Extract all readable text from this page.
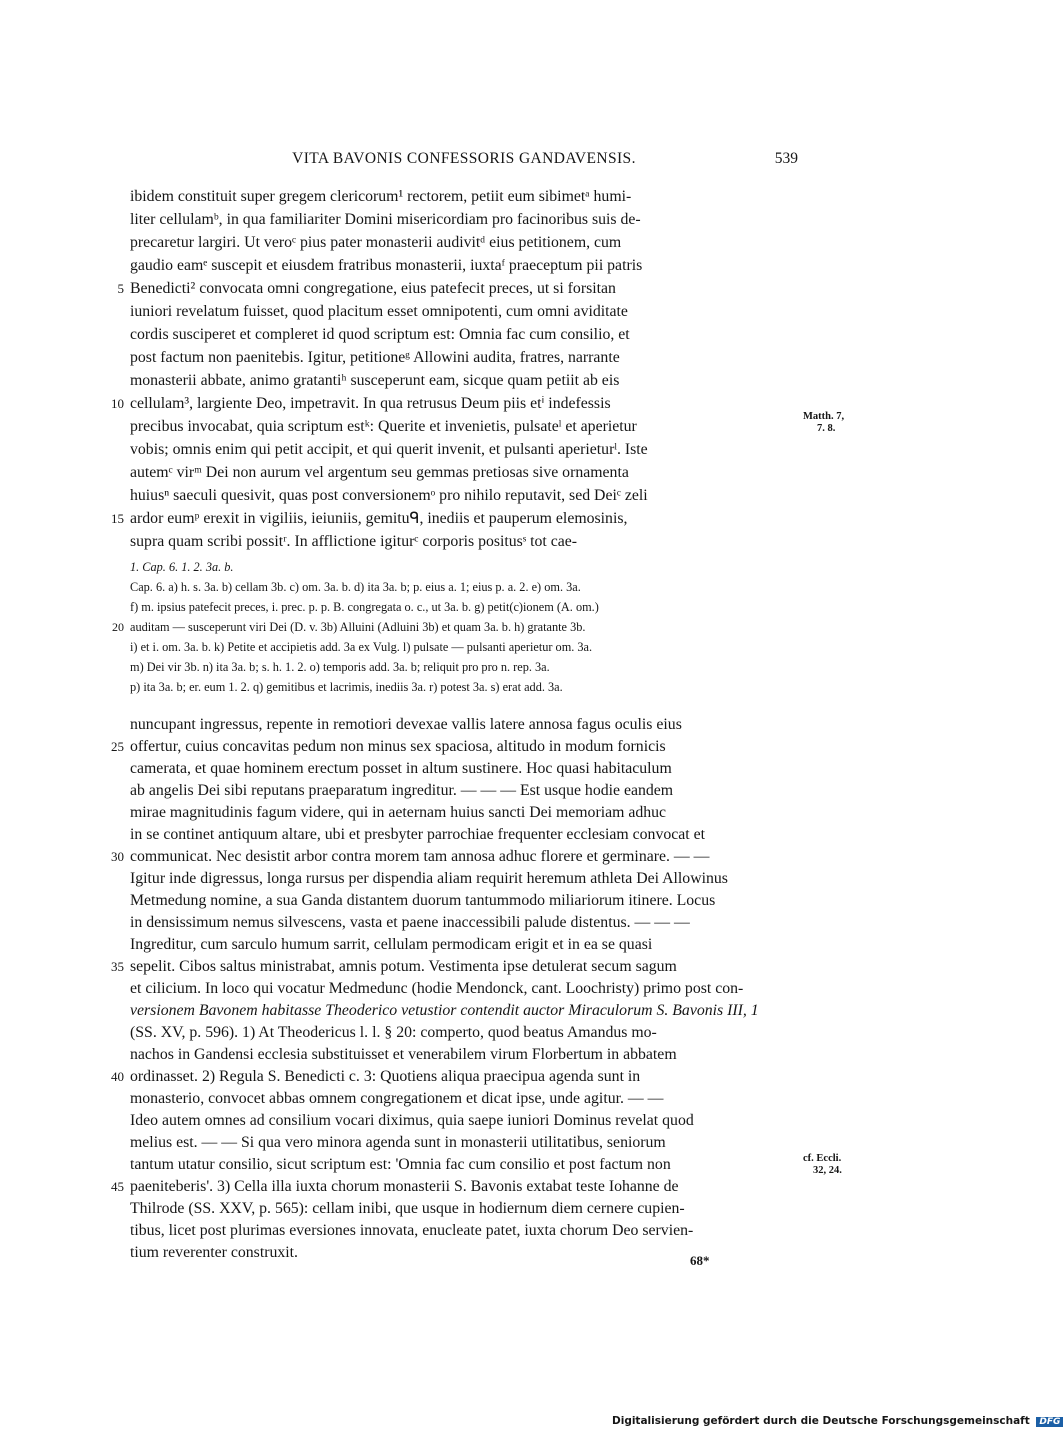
VITA BAVONIS CONFESSORIS GANDAVENSIS.	539
ibidem constituit super gregem clericorum¹ rectorem, petiit eum sibimetᵃ humi-
liter cellulamᵇ, in qua familiariter Domini misericordiam pro facinoribus suis de-
precaretur largiri. Ut veroᶜ pius pater monasterii audivitᵈ eius petitionem, cum
gaudio eamᵉ suscepit et eiusdem fratribus monasterii, iuxtaᶠ praeceptum pii patris
Benedicti² convocata omni congregatione, eius patefecit preces, ut si forsitan
iuniori revelatum fuisset, quod placitum esset omnipotenti, cum omni aviditate
cordis susciperet et compleret id quod scriptum est: Omnia fac cum consilio, et
post factum non paenitebis. Igitur, petitioneᵍ Allowini audita, fratres, narrante
monasterii abbate, animo gratantiʰ susceperunt eam, sicque quam petiit ab eis
cellulam³, largiente Deo, impetravit. In qua retrusus Deum piis etⁱ indefessis
precibus invocabat, quia scriptum estᵏ: Querite et invenietis, pulsateˡ et aperietur
vobis; omnis enim qui petit accipit, et qui querit invenit, et pulsanti aperieturˡ. Iste
autemᶜ virᵐ Dei non aurum vel argentum seu gemmas pretiosas sive ornamenta
huiusⁿ saeculi quesivit, quas post conversionemᵒ pro nihilo reputavit, sed Deiᶜ zeli
ardor eumᵖ erexit in vigiliis, ieiuniis, gemituᑫ, inediis et pauperum elemosinis,
supra quam scribi possitʳ. In afflictione igiturᶜ corporis positusˢ tot cae-
5
10
15
Matth. 7,
7. 8.
1. Cap. 6. 1. 2. 3a. b.
Cap. 6. a) h. s. 3a. b) cellam 3b. c) om. 3a. b. d) ita 3a. b; p. eius a. 1; eius p. a. 2. e) om. 3a.
f) m. ipsius patefecit preces, i. prec. p. p. B. congregata o. c., ut 3a. b. g) petit(c)ionem (A. om.)
auditam — susceperunt viri Dei (D. v. 3b) Alluini (Adluini 3b) et quam 3a. b. h) gratante 3b.
i) et i. om. 3a. b. k) Petite et accipietis add. 3a ex Vulg. l) pulsate — pulsanti aperietur om. 3a.
m) Dei vir 3b. n) ita 3a. b; s. h. 1. 2. o) temporis add. 3a. b; reliquit pro pro n. rep. 3a.
p) ita 3a. b; er. eum 1. 2. q) gemitibus et lacrimis, inediis 3a. r) potest 3a. s) erat add. 3a.
20
nuncupant ingressus, repente in remotiori devexae vallis latere annosa fagus oculis eius
offertur, cuius concavitas pedum non minus sex spaciosa, altitudo in modum fornicis
camerata, et quae hominem erectum posset in altum sustinere. Hoc quasi habitaculum
ab angelis Dei sibi reputans praeparatum ingreditur. — — — Est usque hodie eandem
mirae magnitudinis fagum videre, qui in aeternam huius sancti Dei memoriam adhuc
in se continet antiquum altare, ubi et presbyter parrochiae frequenter ecclesiam convocat et
communicat. Nec desistit arbor contra morem tam annosa adhuc florere et germinare. — —
Igitur inde digressus, longa rursus per dispendia aliam requirit heremum athleta Dei Allowinus
Metmedung nomine, a sua Ganda distantem duorum tantummodo miliariorum itinere. Locus
in densissimum nemus silvescens, vasta et paene inaccessibili palude distentus. — — —
Ingreditur, cum sarculo humum sarrit, cellulam permodicam erigit et in ea se quasi
sepelit. Cibos saltus ministrabat, amnis potum. Vestimenta ipse detulerat secum sagum
et cilicium. In loco qui vocatur Medmedunc (hodie Mendonck, cant. Loochristy) primo post con-
versionem Bavonem habitasse Theoderico vetustior contendit auctor Miraculorum S. Bavonis III, 1
(SS. XV, p. 596). 1) At Theodericus l. l. § 20: comperto, quod beatus Amandus mo-
nachos in Gandensi ecclesia substituisset et venerabilem virum Florbertum in abbatem
ordinasset. 2) Regula S. Benedicti c. 3: Quotiens aliqua praecipua agenda sunt in
monasterio, convocet abbas omnem congregationem et dicat ipse, unde agitur. — —
Ideo autem omnes ad consilium vocari diximus, quia saepe iuniori Dominus revelat quod
melius est. — — Si qua vero minora agenda sunt in monasterii utilitatibus, seniorum
tantum utatur consilio, sicut scriptum est: 'Omnia fac cum consilio et post factum non
paeniteberis'. 3) Cella illa iuxta chorum monasterii S. Bavonis extabat teste Iohanne de
Thilrode (SS. XXV, p. 565): cellam inibi, que usque in hodiernum diem cernere cupien-
tibus, licet post plurimas eversiones innovata, enucleate patet, iuxta chorum Deo servien-
tium reverenter construxit.
25
30
35
40
45
cf. Eccli.
32, 24.
68*
Digitalisierung gefördert durch die Deutsche Forschungsgemeinschaft DFG
